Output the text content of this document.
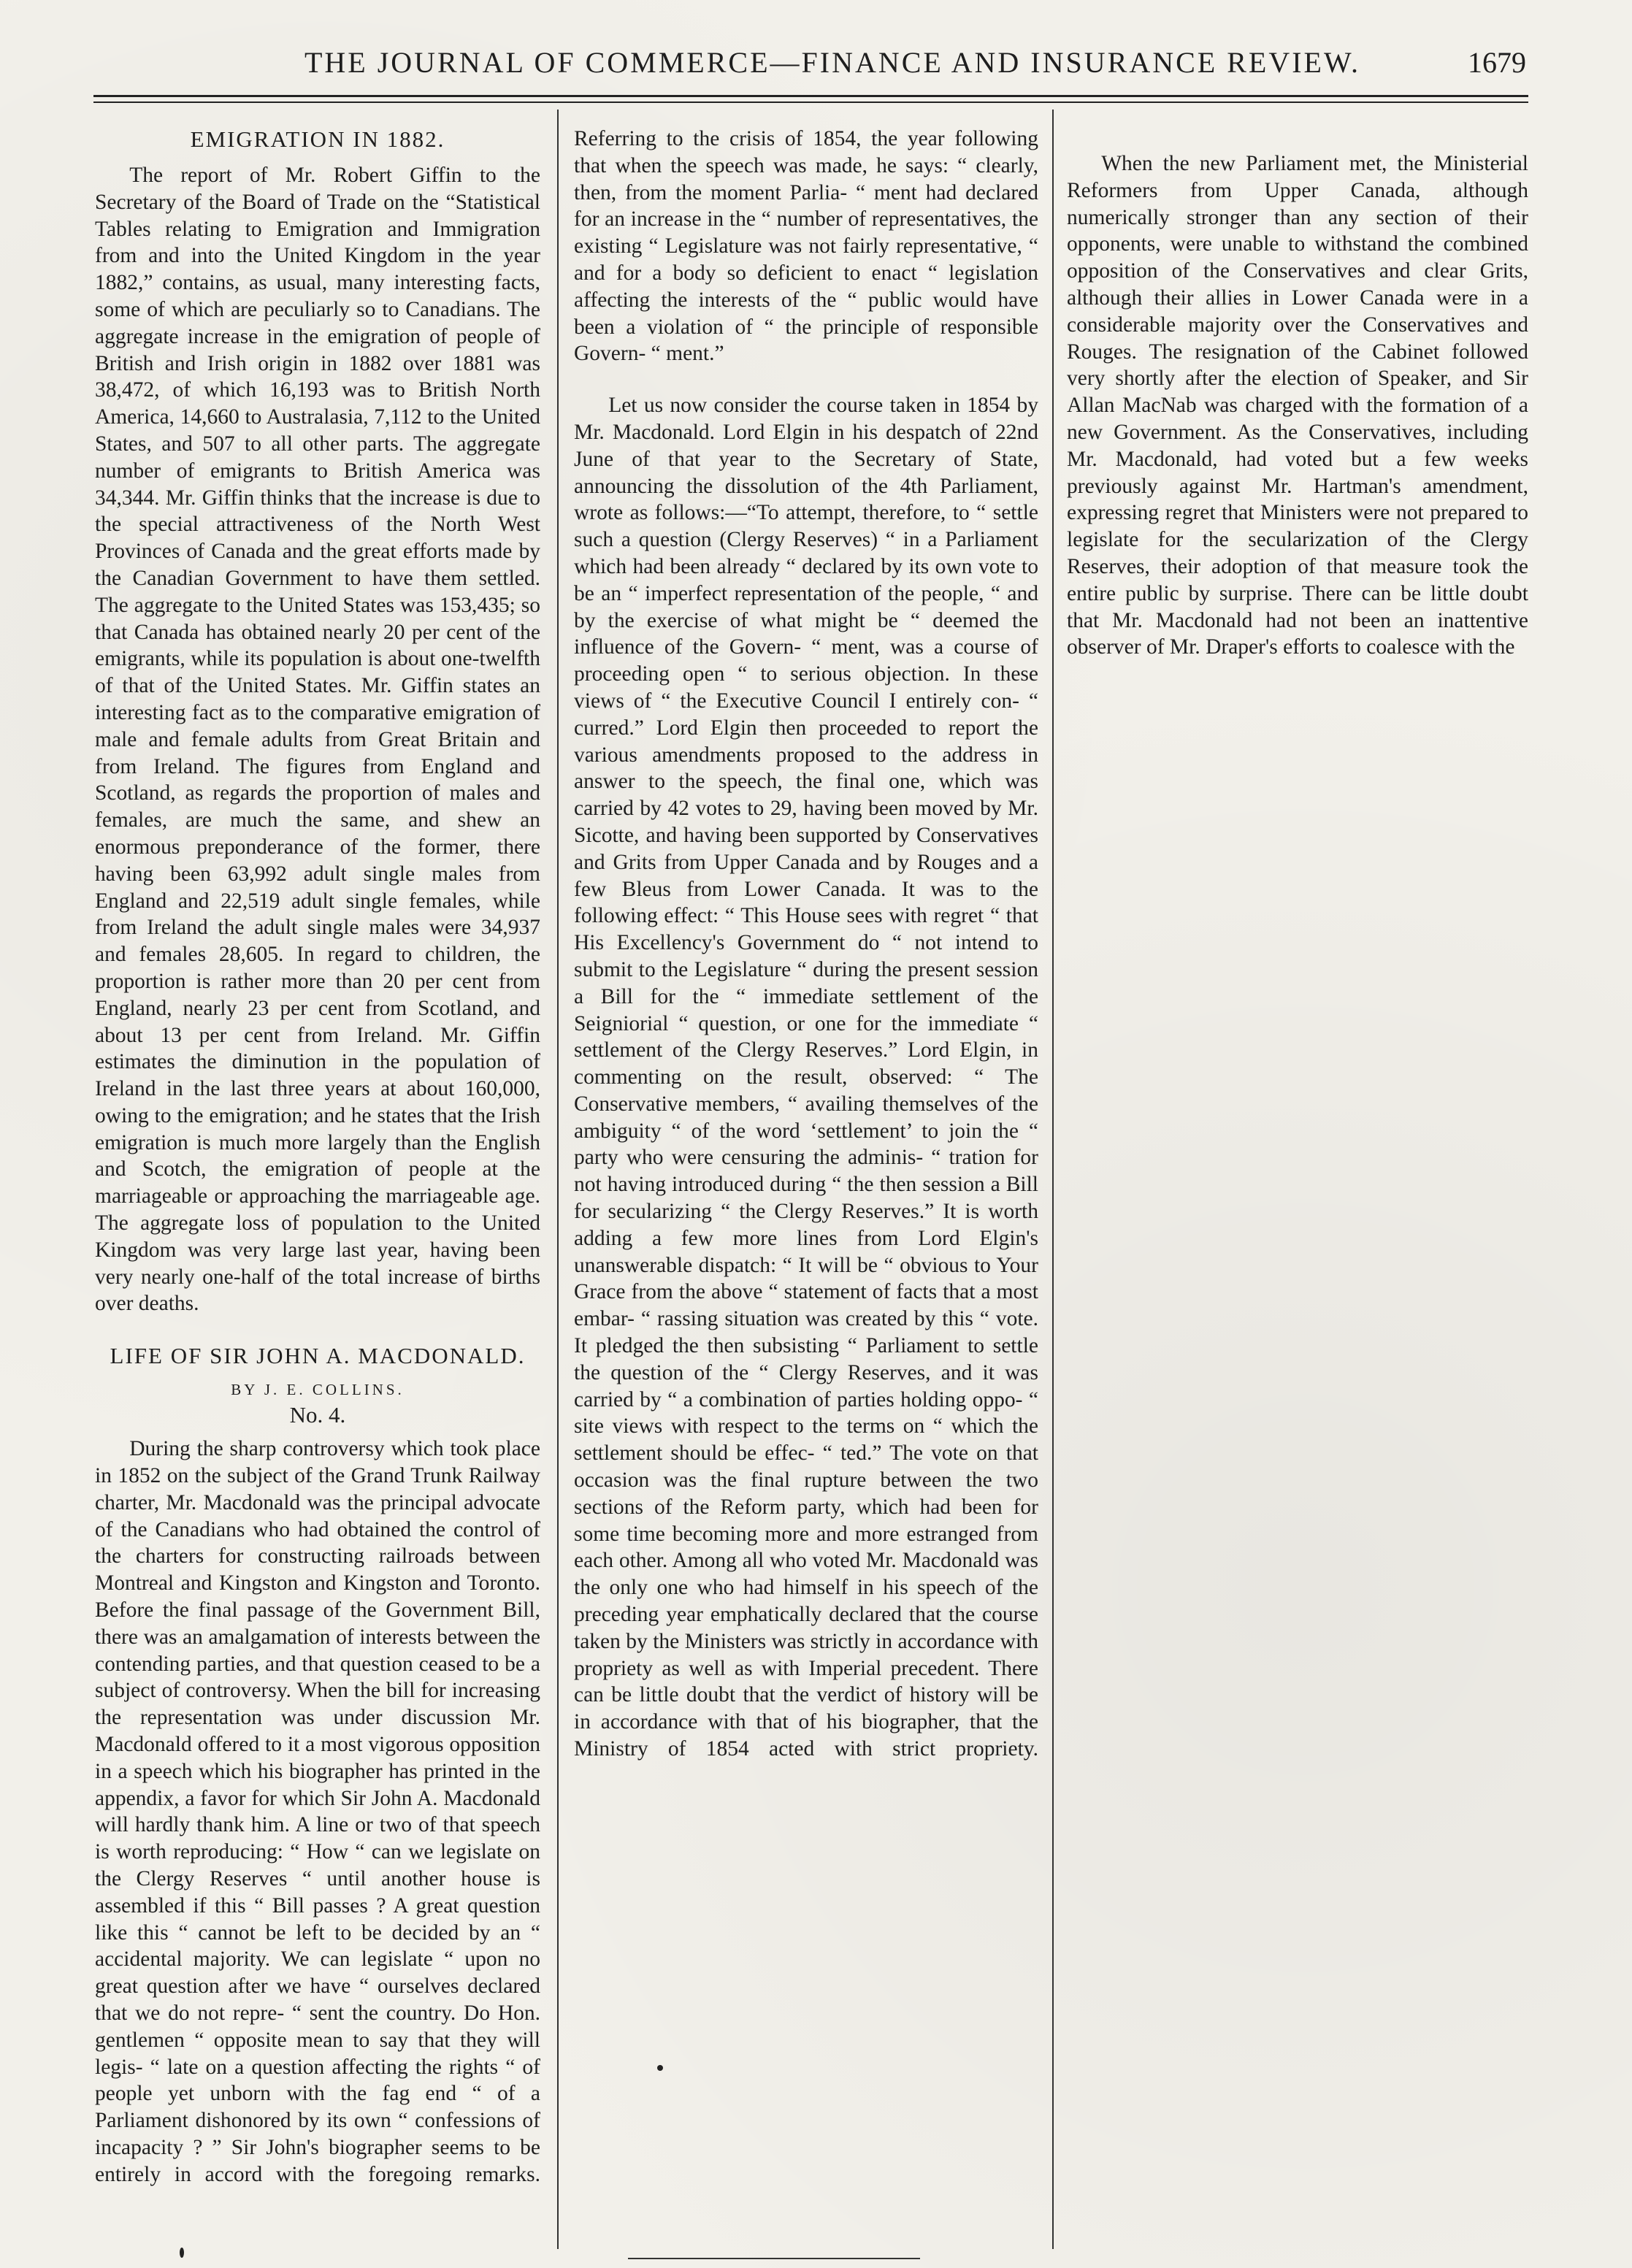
THE JOURNAL OF COMMERCE—FINANCE AND INSURANCE REVIEW.	1679
EMIGRATION IN 1882.

The report of Mr. Robert Giffin to the Secretary of the Board of Trade on the “Statistical Tables relating to Emigration and Immigration from and into the United Kingdom in the year 1882,” contains, as usual, many interesting facts, some of which are peculiarly so to Canadians. The aggregate increase in the emigration of people of British and Irish origin in 1882 over 1881 was 38,472, of which 16,193 was to British North America, 14,660 to Australasia, 7,112 to the United States, and 507 to all other parts. The aggregate number of emigrants to British America was 34,344. Mr. Giffin thinks that the increase is due to the special attractiveness of the North West Provinces of Canada and the great efforts made by the Canadian Government to have them settled. The aggregate to the United States was 153,435; so that Canada has obtained nearly 20 per cent of the emigrants, while its population is about one-twelfth of that of the United States. Mr. Giffin states an interesting fact as to the comparative emigration of male and female adults from Great Britain and from Ireland. The figures from England and Scotland, as regards the proportion of males and females, are much the same, and shew an enormous preponderance of the former, there having been 63,992 adult single males from England and 22,519 adult single females, while from Ireland the adult single males were 34,937 and females 28,605. In regard to children, the proportion is rather more than 20 per cent from England, nearly 23 per cent from Scotland, and about 13 per cent from Ireland. Mr. Giffin estimates the diminution in the population of Ireland in the last three years at about 160,000, owing to the emigration; and he states that the Irish emigration is much more largely than the English and Scotch, the emigration of people at the marriageable or approaching the marriageable age. The aggregate loss of population to the United Kingdom was very large last year, having been very nearly one-half of the total increase of births over deaths.

LIFE OF SIR JOHN A. MACDONALD.
BY J. E. COLLINS.
No. 4.

During the sharp controversy which took place in 1852 on the subject of the Grand Trunk Railway charter, Mr. Macdonald was the principal advocate of the Canadians who had obtained the control of the charters for constructing railroads between Montreal and Kingston and Kingston and Toronto. Before the final passage of the Government Bill, there was an amalgamation of interests between the contending parties, and that question ceased to be a subject of controversy. When the bill for increasing the representation was under discussion Mr. Macdonald offered to it a most vigorous opposition in a speech which his biographer has printed in the appendix, a favor for which Sir John A. Macdonald will hardly thank him. A line or two of that speech is worth reproducing: “ How “ can we legislate on the Clergy Reserves “ until another house is assembled if this “ Bill passes ? A great question like this “ cannot be left to be decided by an “ accidental majority. We can legislate “ upon no great question after we have “ ourselves declared that we do not repre- “ sent the country. Do Hon. gentlemen “ opposite mean to say that they will legis- “ late on a question affecting the rights “ of people yet unborn with the fag end “ of a Parliament dishonored by its own “ confessions of incapacity ? ” Sir John's biographer seems to be entirely in accord with the foregoing remarks.

Referring to the crisis of 1854, the year following that when the speech was made, he says: “ clearly, then, from the moment Parlia- “ ment had declared for an increase in the “ number of representatives, the existing “ Legislature was not fairly representative, “ and for a body so deficient to enact “ legislation affecting the interests of the “ public would have been a violation of “ the principle of responsible Govern- “ ment.”

Let us now consider the course taken in 1854 by Mr. Macdonald. Lord Elgin in his despatch of 22nd June of that year to the Secretary of State, announcing the dissolution of the 4th Parliament, wrote as follows:—“To attempt, therefore, to “ settle such a question (Clergy Reserves) “ in a Parliament which had been already “ declared by its own vote to be an “ imperfect representation of the people, “ and by the exercise of what might be “ deemed the influence of the Govern- “ ment, was a course of proceeding open “ to serious objection. In these views of “ the Executive Council I entirely con- “ curred.” Lord Elgin then proceeded to report the various amendments proposed to the address in answer to the speech, the final one, which was carried by 42 votes to 29, having been moved by Mr. Sicotte, and having been supported by Conservatives and Grits from Upper Canada and by Rouges and a few Bleus from Lower Canada. It was to the following effect: “ This House sees with regret “ that His Excellency's Government do “ not intend to submit to the Legislature “ during the present session a Bill for the “ immediate settlement of the Seigniorial “ question, or one for the immediate “ settlement of the Clergy Reserves.” Lord Elgin, in commenting on the result, observed: “ The Conservative members, “ availing themselves of the ambiguity “ of the word ‘settlement’ to join the “ party who were censuring the adminis- “ tration for not having introduced during “ the then session a Bill for secularizing “ the Clergy Reserves.” It is worth adding a few more lines from Lord Elgin's unanswerable dispatch: “ It will be “ obvious to Your Grace from the above “ statement of facts that a most embar- “ rassing situation was created by this “ vote. It pledged the then subsisting “ Parliament to settle the question of the “ Clergy Reserves, and it was carried by “ a combination of parties holding oppo- “ site views with respect to the terms on “ which the settlement should be effec- “ ted.” The vote on that occasion was the final rupture between the two sections of the Reform party, which had been for some time becoming more and more estranged from each other. Among all who voted Mr. Macdonald was the only one who had himself in his speech of the preceding year emphatically declared that the course taken by the Ministers was strictly in accordance with propriety as well as with Imperial precedent. There can be little doubt that the verdict of history will be in accordance with that of his biographer, that the Ministry of 1854 acted with strict propriety.

When the new Parliament met, the Ministerial Reformers from Upper Canada, although numerically stronger than any section of their opponents, were unable to withstand the combined opposition of the Conservatives and clear Grits, although their allies in Lower Canada were in a considerable majority over the Conservatives and Rouges. The resignation of the Cabinet followed very shortly after the election of Speaker, and Sir Allan MacNab was charged with the formation of a new Government. As the Conservatives, including Mr. Macdonald, had voted but a few weeks previously against Mr. Hartman's amendment, expressing regret that Ministers were not prepared to legislate for the secularization of the Clergy Reserves, their adoption of that measure took the entire public by surprise. There can be little doubt that Mr. Macdonald had not been an inattentive observer of Mr. Draper's efforts to coalesce with the
